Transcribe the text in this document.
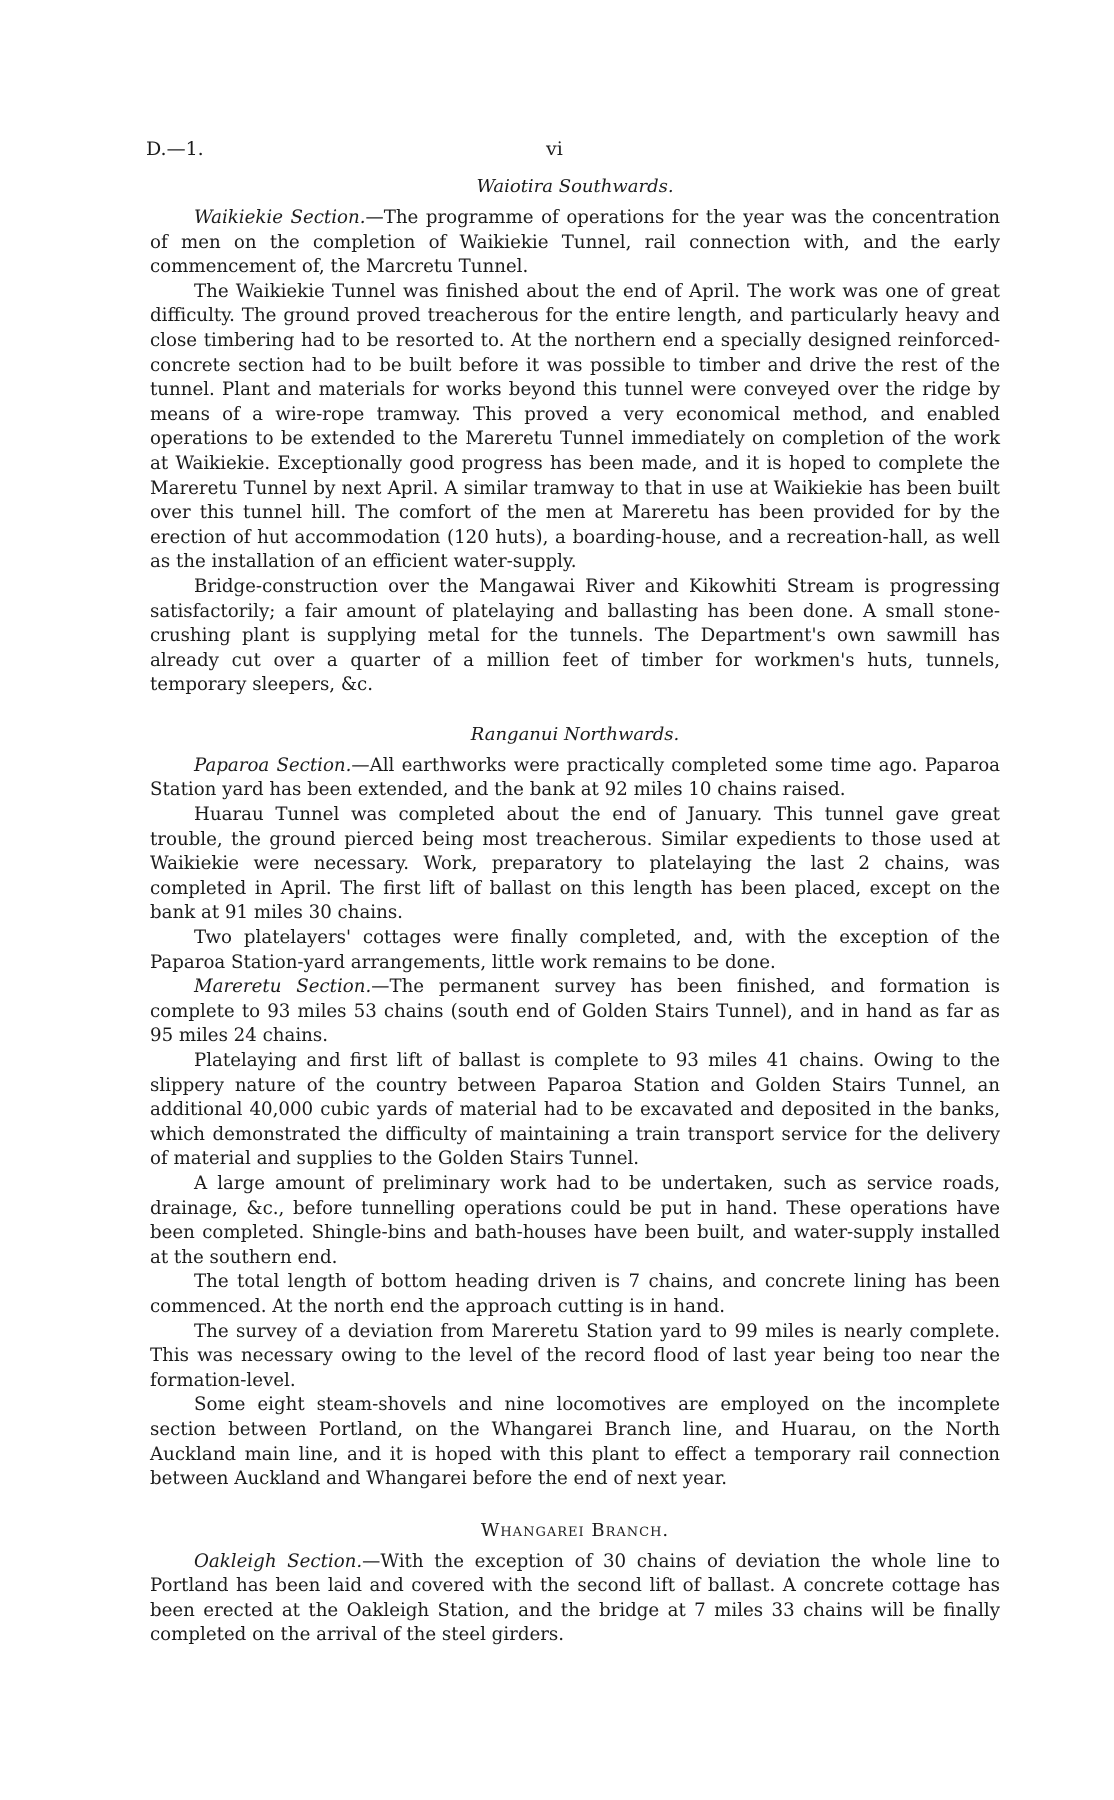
D.—1.	vi
Waiotira Southwards.

Waikiekie Section.—The programme of operations for the year was the concentration of men on the completion of Waikiekie Tunnel, rail connection with, and the early commencement of, the Marcretu Tunnel.

The Waikiekie Tunnel was finished about the end of April. The work was one of great difficulty. The ground proved treacherous for the entire length, and particularly heavy and close timbering had to be resorted to. At the northern end a specially designed reinforced-concrete section had to be built before it was possible to timber and drive the rest of the tunnel. Plant and materials for works beyond this tunnel were conveyed over the ridge by means of a wire-rope tramway. This proved a very economical method, and enabled operations to be extended to the Mareretu Tunnel immediately on completion of the work at Waikiekie. Exceptionally good progress has been made, and it is hoped to complete the Mareretu Tunnel by next April. A similar tramway to that in use at Waikiekie has been built over this tunnel hill. The comfort of the men at Mareretu has been provided for by the erection of hut accommodation (120 huts), a boarding-house, and a recreation-hall, as well as the installation of an efficient water-supply.

Bridge-construction over the Mangawai River and Kikowhiti Stream is progressing satisfactorily; a fair amount of platelaying and ballasting has been done. A small stone-crushing plant is supplying metal for the tunnels. The Department's own sawmill has already cut over a quarter of a million feet of timber for workmen's huts, tunnels, temporary sleepers, &c.

Ranganui Northwards.

Paparoa Section.—All earthworks were practically completed some time ago. Paparoa Station yard has been extended, and the bank at 92 miles 10 chains raised.

Huarau Tunnel was completed about the end of January. This tunnel gave great trouble, the ground pierced being most treacherous. Similar expedients to those used at Waikiekie were necessary. Work, preparatory to platelaying the last 2 chains, was completed in April. The first lift of ballast on this length has been placed, except on the bank at 91 miles 30 chains.

Two platelayers' cottages were finally completed, and, with the exception of the Paparoa Station-yard arrangements, little work remains to be done.

Mareretu Section.—The permanent survey has been finished, and formation is complete to 93 miles 53 chains (south end of Golden Stairs Tunnel), and in hand as far as 95 miles 24 chains.

Platelaying and first lift of ballast is complete to 93 miles 41 chains. Owing to the slippery nature of the country between Paparoa Station and Golden Stairs Tunnel, an additional 40,000 cubic yards of material had to be excavated and deposited in the banks, which demonstrated the difficulty of maintaining a train transport service for the delivery of material and supplies to the Golden Stairs Tunnel.

A large amount of preliminary work had to be undertaken, such as service roads, drainage, &c., before tunnelling operations could be put in hand. These operations have been completed. Shingle-bins and bath-houses have been built, and water-supply installed at the southern end.

The total length of bottom heading driven is 7 chains, and concrete lining has been commenced. At the north end the approach cutting is in hand.

The survey of a deviation from Mareretu Station yard to 99 miles is nearly complete. This was necessary owing to the level of the record flood of last year being too near the formation-level.

Some eight steam-shovels and nine locomotives are employed on the incomplete section between Portland, on the Whangarei Branch line, and Huarau, on the North Auckland main line, and it is hoped with this plant to effect a temporary rail connection between Auckland and Whangarei before the end of next year.

Whangarei Branch.

Oakleigh Section.—With the exception of 30 chains of deviation the whole line to Portland has been laid and covered with the second lift of ballast. A concrete cottage has been erected at the Oakleigh Station, and the bridge at 7 miles 33 chains will be finally completed on the arrival of the steel girders.
